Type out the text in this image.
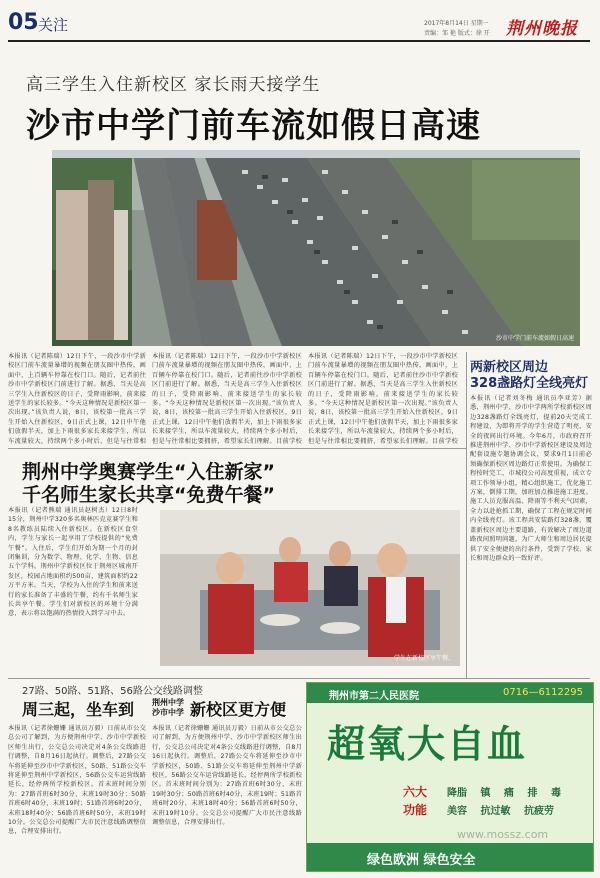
05 关注	2017年8月14日 星期一
责编：邹 艳 版式：徐 开 荆州晚报
高三学生入住新校区 家长雨天接学生
沙市中学门前车流如假日高速
沙市中学门前车流如假日高速
本报讯（记者陈瑞）12日下午，一段沙市中学新校区门前车流量暴增的视频在朋友圈中热传，画面中，上百辆车停靠在校门口。随后，记者前往沙市中学新校区门前进行了解。据悉，当天是高三学生入住新校区的日子，受降雨影响，前来接送学生的家长较多。“今天这种情况是新校区第一次出现。”该负责人说，8日，该校第一批高三学生开始入住新校区，9日正式上课，12日中午他们放假半天，加上下雨很多家长来接学生，所以车流量较大，持续两个多小时后，但是与往常相
本报讯（记者陈瑞）12日下午，一段沙市中学新校区门前车流量暴增的视频在朋友圈中热传，画面中，上百辆车停靠在校门口。随后，记者前往沙市中学新校区门前进行了解。据悉，当天是高三学生入住新校区的日子，受降雨影响，前来接送学生的家长较多。“今天这种情况是新校区第一次出现。”该负责人说，8日，该校第一批高三学生开始入住新校区，9日正式上课，12日中午他们放假半天，加上下雨很多家长来接学生，所以车流量较大，持续两个多小时后，但是与往常相比要拥挤，希望家长们理解。目前学校
本报讯（记者陈瑞）12日下午，一段沙市中学新校区门前车流量暴增的视频在朋友圈中热传，画面中，上百辆车停靠在校门口。随后，记者前往沙市中学新校区门前进行了解。据悉，当天是高三学生入住新校区的日子，受降雨影响，前来接送学生的家长较多。“今天这种情况是新校区第一次出现。”该负责人说，8日，该校第一批高三学生开始入住新校区，9日正式上课，12日中午他们放假半天，加上下雨很多家长来接学生，所以车流量较大，持续两个多小时后，但是与往常相比要拥挤，希望家长们理解。目前学校
两新校区周边
328盏路灯全线亮灯
本报讯（记者刘冬梅 通讯员李亚芳）据悉，荆州中学、沙市中学两所学校新校区周边328盏路灯全线亮灯，提前20天完成工程建设，为即将开学的学生营造了明亮、安全的夜间出行环境。今年6月，市政府召开推进荆州中学、沙市中学新校区建设及周边配套设施专题协调会议，要求9月1日前必须确保新校区周边路灯正常使用。为确保工程按时完工，市城投公司高度重视，成立专项工作领导小组，精心组织施工，优化施工方案，倒排工期，加班加点推进施工进度。施工人员克服高温、降雨等不利天气因素，全力以赴抢抓工期，确保了工程在规定时间内全线亮灯。该工程共安装路灯328盏，覆盖新校区周边主要道路，有效解决了周边道路夜间照明问题，为广大师生和周边居民提供了安全便捷的出行条件，受到了学校、家长和周边群众的一致好评。
荆州中学奥赛学生“入住新家”
千名师生家长共享“免费午餐”
本报讯（记者熊瑞 通讯员赵树杰）12日8时15分，荆州中学320多名奥林匹克竞赛学生和8名教练员陆续入住新校区。在新校区食堂内，学生与家长一起享用了学校提供的“免费午餐”。入住后，学生们开始为期一个月的封闭集训，分为数学、物理、化学、生物、信息五个学科。荆州中学新校区位于荆州区城南开发区，校园占地面积约500亩，建筑面积约22万平方米。当天，学校为入住的学生和前来送行的家长准备了丰盛的午餐，约有千名师生家长共享午餐。学生们对新校区的环境十分满意，表示将以饱满的热情投入到学习中去。
学生在新校区享午餐。
27路、50路、51路、56路公交线路调整
周三起，坐车到 荆州中学
沙市中学 新校区更方便
本报讯（记者徐姗姗 通讯员万毅）日前从市公交总公司了解到，为方便荆州中学、沙市中学新校区师生出行，公交总公司决定对4条公交线路进行调整，自8月16日起执行。调整后，27路公交车将延伸至沙市中学新校区，50路、51路公交车将延伸至荆州中学新校区，56路公交车运营线路延长，经停两所学校新校区。首末班时间分别为：27路首班6时30分，末班19时30分；50路首班6时40分，末班19时；51路首班6时20分，末班18时40分；56路首班6时50分，末班19时10分。公交总公司提醒广大市民注意线路调整信息，合理安排出行。
本报讯（记者徐姗姗 通讯员万毅）日前从市公交总公司了解到，为方便荆州中学、沙市中学新校区师生出行，公交总公司决定对4条公交线路进行调整，自8月16日起执行。调整后，27路公交车将延伸至沙市中学新校区，50路、51路公交车将延伸至荆州中学新校区，56路公交车运营线路延长，经停两所学校新校区。首末班时间分别为：27路首班6时30分，末班19时30分；50路首班6时40分，末班19时；51路首班6时20分，末班18时40分；56路首班6时50分，末班19时10分。公交总公司提醒广大市民注意线路调整信息，合理安排出行。
荆州市第二人民医院	0716—6112295
超氧大自血
六大
功能
降脂 镇 痛 排 毒
美容 抗过敏 抗疲劳
绿色欧洲 绿色安全
www.mossz.com
